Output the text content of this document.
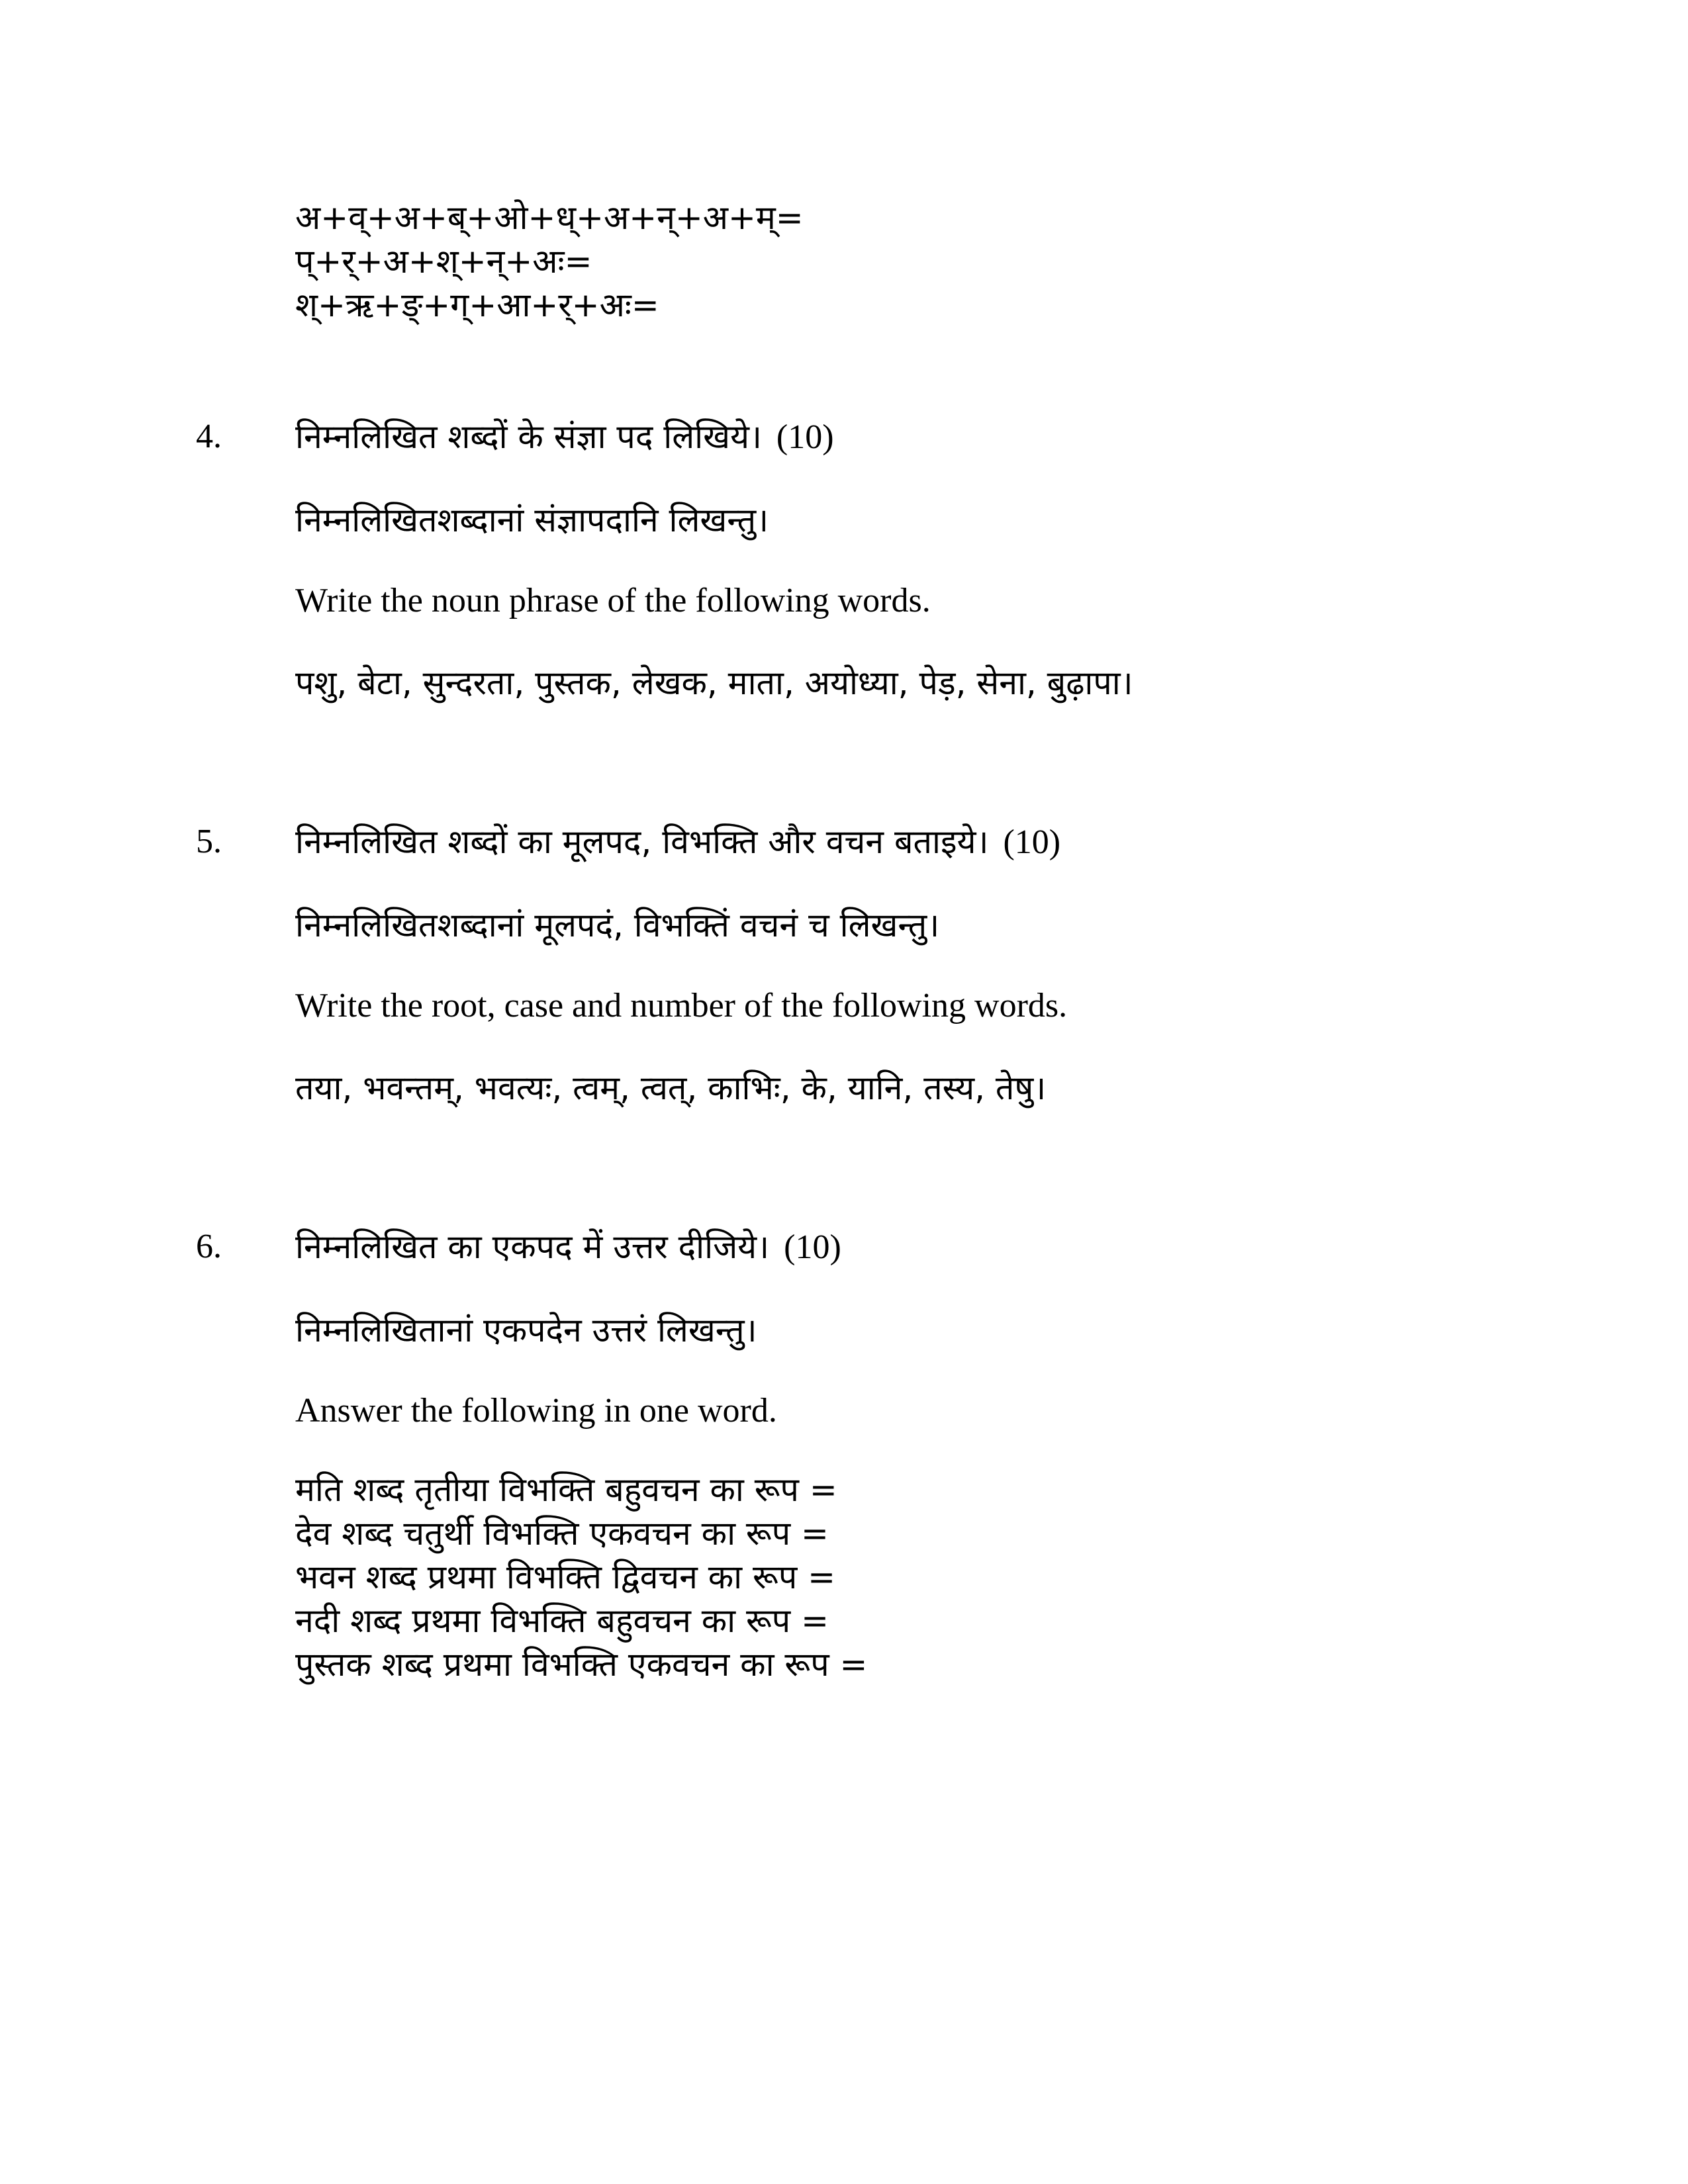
अ+व्+अ+ब्+ओ+ध्+अ+न्+अ+म्=
प्+र्+अ+श्+न्+अः=
श्+ऋ+ङ्+ग्+आ+र्+अः=
4. निम्नलिखित शब्दों के संज्ञा पद लिखिये। (10)
निम्नलिखितशब्दानां संज्ञापदानि लिखन्तु।
Write the noun phrase of the following words.
पशु, बेटा, सुन्दरता, पुस्तक, लेखक, माता, अयोध्या, पेड़, सेना, बुढ़ापा।
5. निम्नलिखित शब्दों का मूलपद, विभक्ति और वचन बताइये। (10)
निम्नलिखितशब्दानां मूलपदं, विभक्तिं वचनं च लिखन्तु।
Write the root, case and number of the following words.
तया, भवन्तम्, भवत्यः, त्वम्, त्वत्, काभिः, के, यानि, तस्य, तेषु।
6. निम्नलिखित का एकपद में उत्तर दीजिये। (10)
निम्नलिखितानां एकपदेन उत्तरं लिखन्तु।
Answer the following in one word.
मति शब्द तृतीया विभक्ति बहुवचन का रूप =
देव शब्द चतुर्थी विभक्ति एकवचन का रूप =
भवन शब्द प्रथमा विभक्ति द्विवचन का रूप =
नदी शब्द प्रथमा विभक्ति बहुवचन का रूप =
पुस्तक शब्द प्रथमा विभक्ति एकवचन का रूप =
